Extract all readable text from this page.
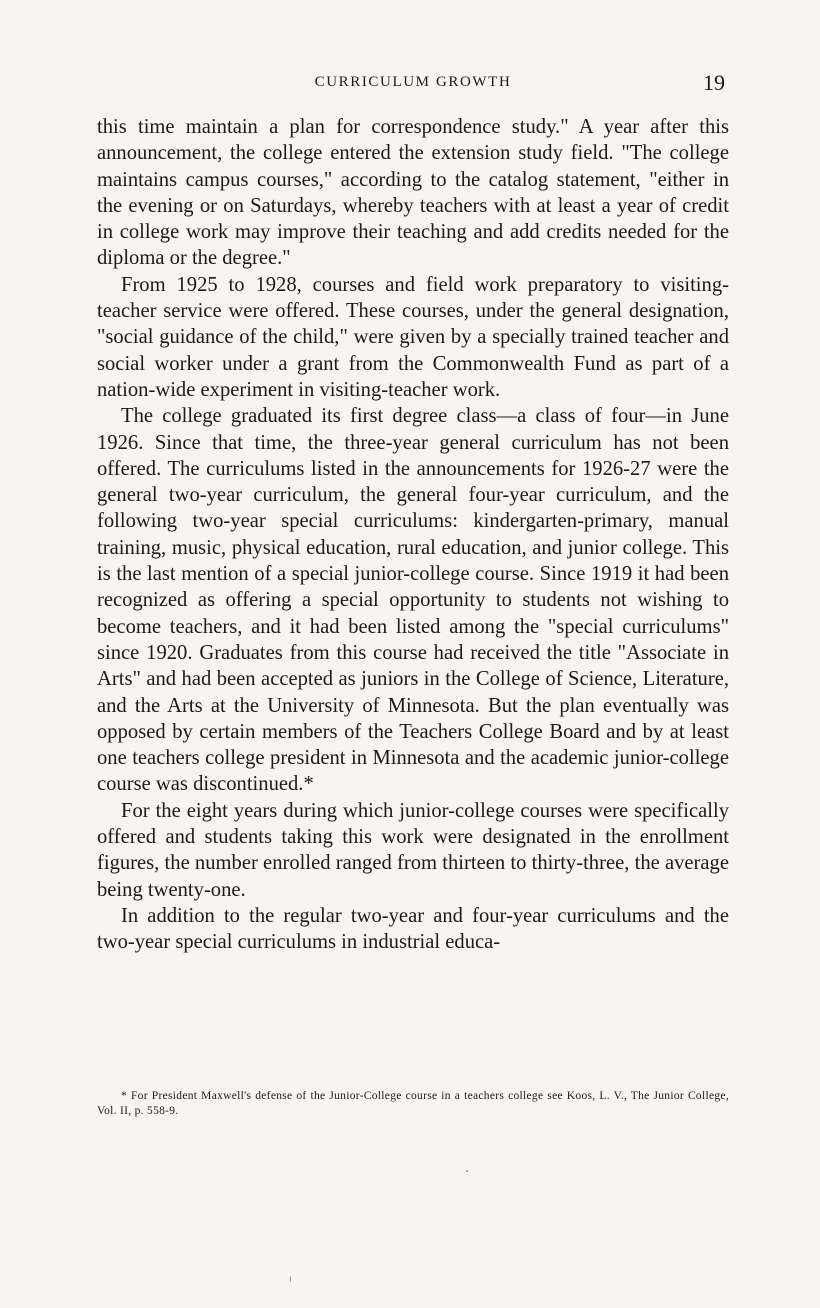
CURRICULUM GROWTH	19

this time maintain a plan for correspondence study." A year after this announcement, the college entered the extension study field. "The college maintains campus courses," according to the catalog statement, "either in the evening or on Saturdays, whereby teachers with at least a year of credit in college work may improve their teaching and add credits needed for the diploma or the degree."

From 1925 to 1928, courses and field work preparatory to visiting-teacher service were offered. These courses, under the general designation, "social guidance of the child," were given by a specially trained teacher and social worker under a grant from the Commonwealth Fund as part of a nation-wide experiment in visiting-teacher work.

The college graduated its first degree class—a class of four—in June 1926. Since that time, the three-year general curriculum has not been offered. The curriculums listed in the announcements for 1926-27 were the general two-year curriculum, the general four-year curriculum, and the following two-year special curriculums: kindergarten-primary, manual training, music, physical education, rural education, and junior college. This is the last mention of a special junior-college course. Since 1919 it had been recognized as offering a special opportunity to students not wishing to become teachers, and it had been listed among the "special curriculums" since 1920. Graduates from this course had received the title "Associate in Arts" and had been accepted as juniors in the College of Science, Literature, and the Arts at the University of Minnesota. But the plan eventually was opposed by certain members of the Teachers College Board and by at least one teachers college president in Minnesota and the academic junior-college course was discontinued.*

For the eight years during which junior-college courses were specifically offered and students taking this work were designated in the enrollment figures, the number enrolled ranged from thirteen to thirty-three, the average being twenty-one.

In addition to the regular two-year and four-year curriculums and the two-year special curriculums in industrial educa-

* For President Maxwell's defense of the Junior-College course in a teachers college see Koos, L. V., The Junior College, Vol. II, p. 558-9.
